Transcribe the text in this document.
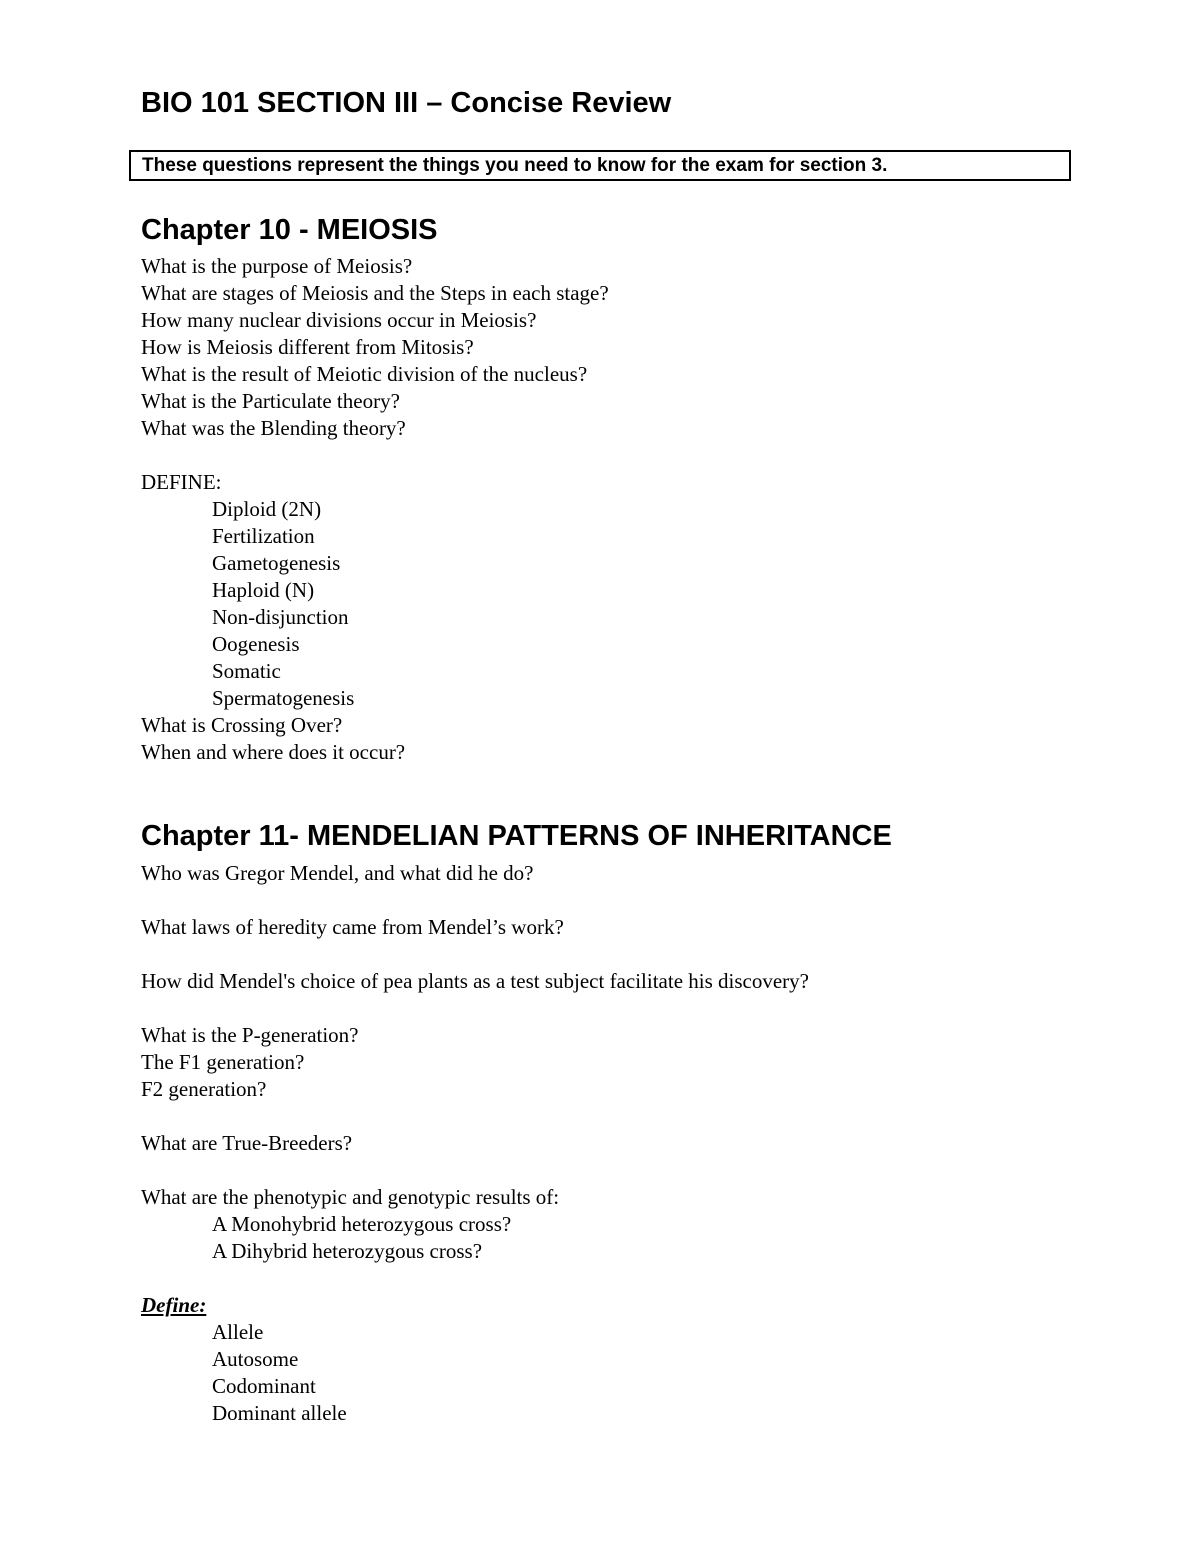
BIO 101 SECTION III – Concise Review
These questions represent the things you need to know for the exam for section 3.
Chapter 10 - MEIOSIS
What is the purpose of Meiosis?
What are stages of Meiosis and the Steps in each stage?
How many nuclear divisions occur in Meiosis?
How is Meiosis different from Mitosis?
What is the result of Meiotic division of the nucleus?
What is the Particulate theory?
What was the Blending theory?
DEFINE:
Diploid (2N)
Fertilization
Gametogenesis
Haploid (N)
Non-disjunction
Oogenesis
Somatic
Spermatogenesis
What is Crossing Over?
When and where does it occur?
Chapter 11- MENDELIAN PATTERNS OF INHERITANCE
Who was Gregor Mendel, and what did he do?
What laws of heredity came from Mendel’s work?
How did Mendel's choice of pea plants as a test subject facilitate his discovery?
What is the P-generation?
The F1 generation?
F2 generation?
What are True-Breeders?
What are the phenotypic and genotypic results of:
A Monohybrid heterozygous cross?
A Dihybrid heterozygous cross?
Define:
Allele
Autosome
Codominant
Dominant allele
